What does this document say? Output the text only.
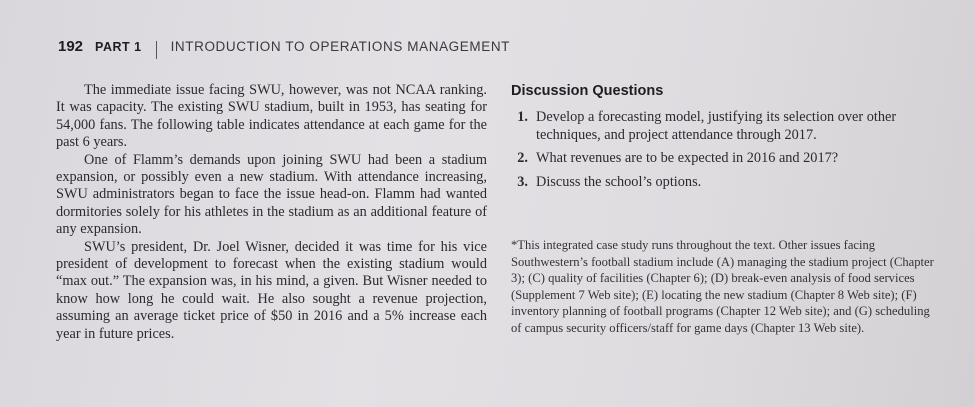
192 PART 1 INTRODUCTION TO OPERATIONS MANAGEMENT

The immediate issue facing SWU, however, was not NCAA ranking. It was capacity. The existing SWU stadium, built in 1953, has seating for 54,000 fans. The following table indicates attendance at each game for the past 6 years.

One of Flamm’s demands upon joining SWU had been a stadium expansion, or possibly even a new stadium. With attendance increasing, SWU administrators began to face the issue head-on. Flamm had wanted dormitories solely for his athletes in the stadium as an additional feature of any expansion.

SWU’s president, Dr. Joel Wisner, decided it was time for his vice president of development to forecast when the existing stadium would “max out.” The expansion was, in his mind, a given. But Wisner needed to know how long he could wait. He also sought a revenue projection, assuming an average ticket price of $50 in 2016 and a 5% increase each year in future prices.

Discussion Questions
1. Develop a forecasting model, justifying its selection over other techniques, and project attendance through 2017.
2. What revenues are to be expected in 2016 and 2017?
3. Discuss the school’s options.
*This integrated case study runs throughout the text. Other issues facing Southwestern’s football stadium include (A) managing the stadium project (Chapter 3); (C) quality of facilities (Chapter 6); (D) break-even analysis of food services (Supplement 7 Web site); (E) locating the new stadium (Chapter 8 Web site); (F) inventory planning of football programs (Chapter 12 Web site); and (G) scheduling of campus security officers/staff for game days (Chapter 13 Web site).
